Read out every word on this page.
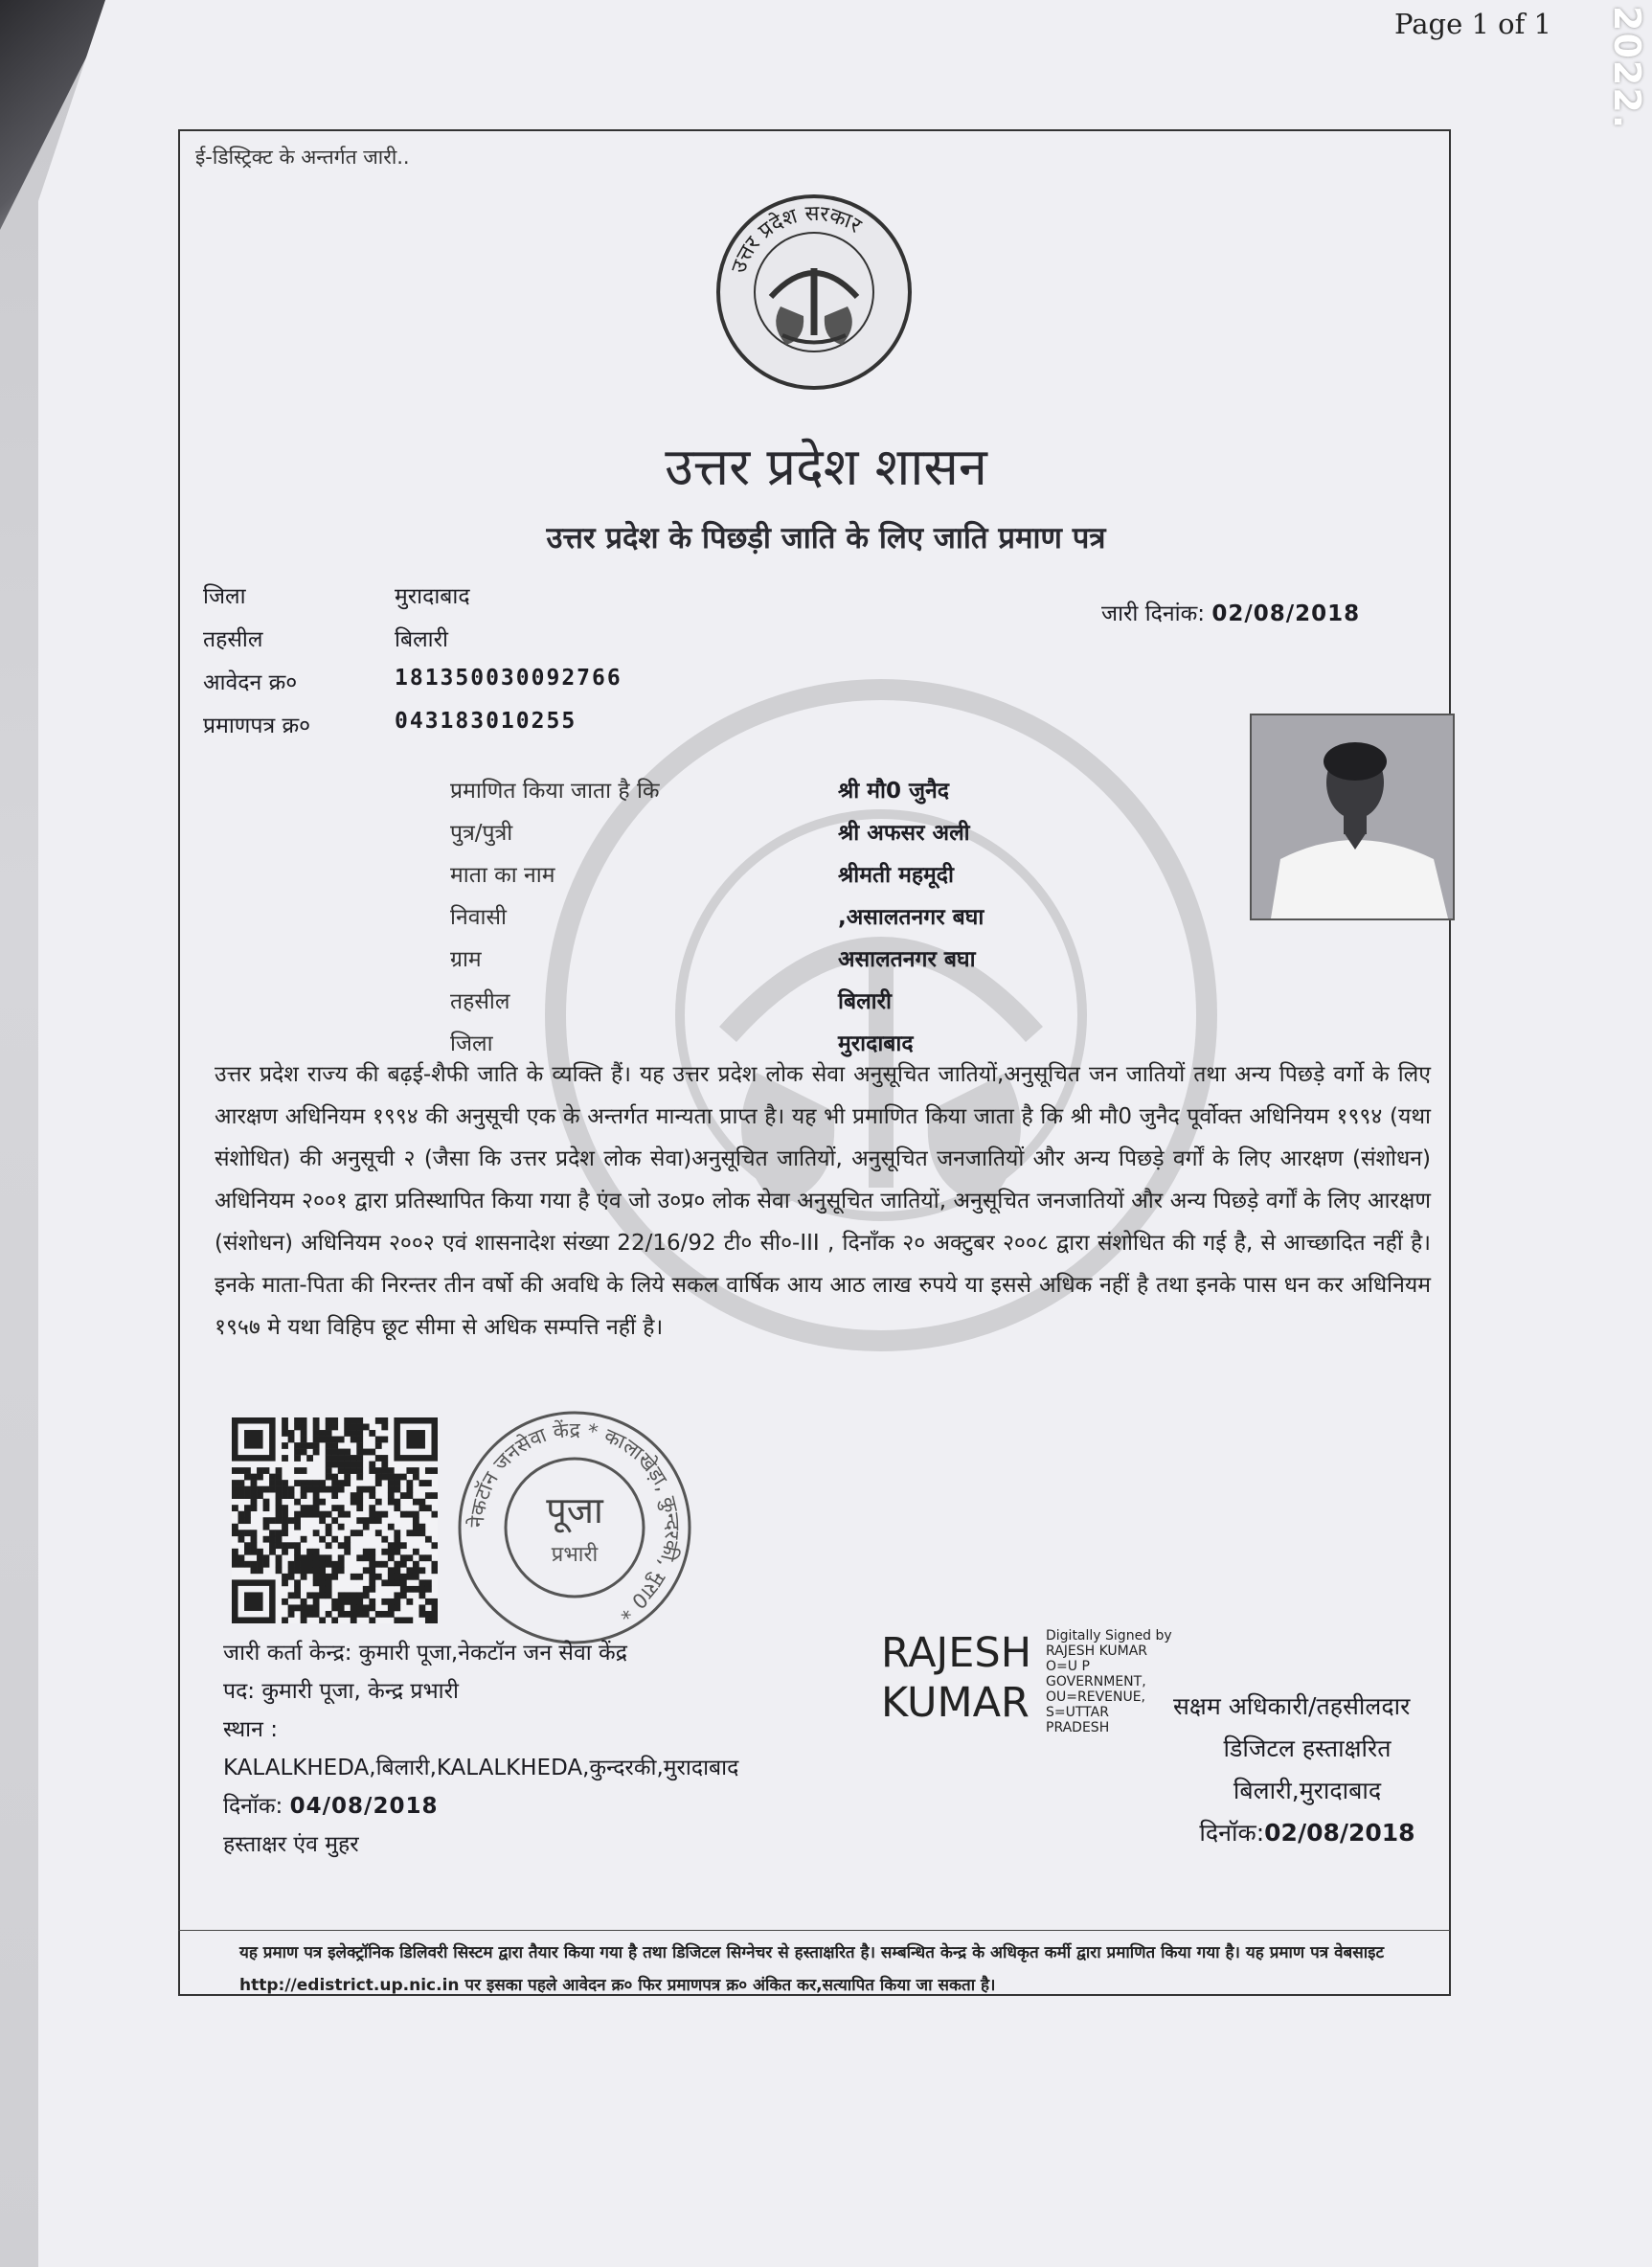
2022.
Page 1 of 1
ई-डिस्ट्रिक्ट के अन्तर्गत जारी..
उत्तर प्रदेश सरकार
उत्तर प्रदेश शासन
उत्तर प्रदेश के पिछड़ी जाति के लिए जाति प्रमाण पत्र
जिला	मुरादाबाद
तहसील	बिलारी
आवेदन क्र०	181350030092766
प्रमाणपत्र क्र०	043183010255
जारी दिनांक: 02/08/2018
प्रमाणित किया जाता है कि	श्री मौ0 जुनैद
पुत्र/पुत्री	श्री अफसर अली
माता का नाम	श्रीमती महमूदी
निवासी	,असालतनगर बघा
ग्राम	असालतनगर बघा
तहसील	बिलारी
जिला	मुरादाबाद
उत्तर प्रदेश राज्य की बढ़ई-शैफी जाति के व्यक्ति हैं। यह उत्तर प्रदेश लोक सेवा अनुसूचित जातियों,अनुसूचित जन जातियों तथा अन्य पिछड़े वर्गो के लिए आरक्षण अधिनियम १९९४ की अनुसूची एक के अन्तर्गत मान्यता प्राप्त है। यह भी प्रमाणित किया जाता है कि श्री मौ0 जुनैद पूर्वोक्त अधिनियम १९९४ (यथा संशोधित) की अनुसूची २ (जैसा कि उत्तर प्रदेश लोक सेवा)अनुसूचित जातियों, अनुसूचित जनजातियों और अन्य पिछड़े वर्गों के लिए आरक्षण (संशोधन) अधिनियम २००१ द्वारा प्रतिस्थापित किया गया है एंव जो उ०प्र० लोक सेवा अनुसूचित जातियों, अनुसूचित जनजातियों और अन्य पिछड़े वर्गों के लिए आरक्षण (संशोधन) अधिनियम २००२ एवं शासनादेश संख्या 22/16/92 टी० सी०-III , दिनाँक २० अक्टुबर २००८ द्वारा संशोधित की गई है, से आच्छादित नहीं है।इनके माता-पिता की निरन्तर तीन वर्षो की अवधि के लिये सकल वार्षिक आय आठ लाख रुपये या इससे अधिक नहीं है तथा इनके पास धन कर अधिनियम १९५७ मे यथा विहिप छूट सीमा से अधिक सम्पत्ति नहीं है।
नेकटॉन जनसेवा केंद्र * कालाखेड़ा, कुन्दरकी, मुरा0 *
पूजा
प्रभारी
जारी कर्ता केन्द्र: कुमारी पूजा,नेकटॉन जन सेवा केंद्र
पद: कुमारी पूजा, केन्द्र प्रभारी
स्थान :
KALALKHEDA,बिलारी,KALALKHEDA,कुन्दरकी,मुरादाबाद
दिनॉक: 04/08/2018
हस्ताक्षर एंव मुहर
RAJESH
KUMAR
Digitally Signed by RAJESH KUMAR O=U P GOVERNMENT, OU=REVENUE, S=UTTAR PRADESH
सक्षम अधिकारी/तहसीलदार
डिजिटल हस्ताक्षरित
बिलारी,मुरादाबाद
दिनॉक:02/08/2018
यह प्रमाण पत्र इलेक्ट्रॉनिक डिलिवरी सिस्टम द्वारा तैयार किया गया है तथा डिजिटल सिग्नेचर से हस्ताक्षरित है। सम्बन्धित केन्द्र के अधिकृत कर्मी द्वारा प्रमाणित किया गया है। यह प्रमाण पत्र वेबसाइट http://edistrict.up.nic.in पर इसका पहले आवेदन क्र० फिर प्रमाणपत्र क्र० अंकित कर,सत्यापित किया जा सकता है।
